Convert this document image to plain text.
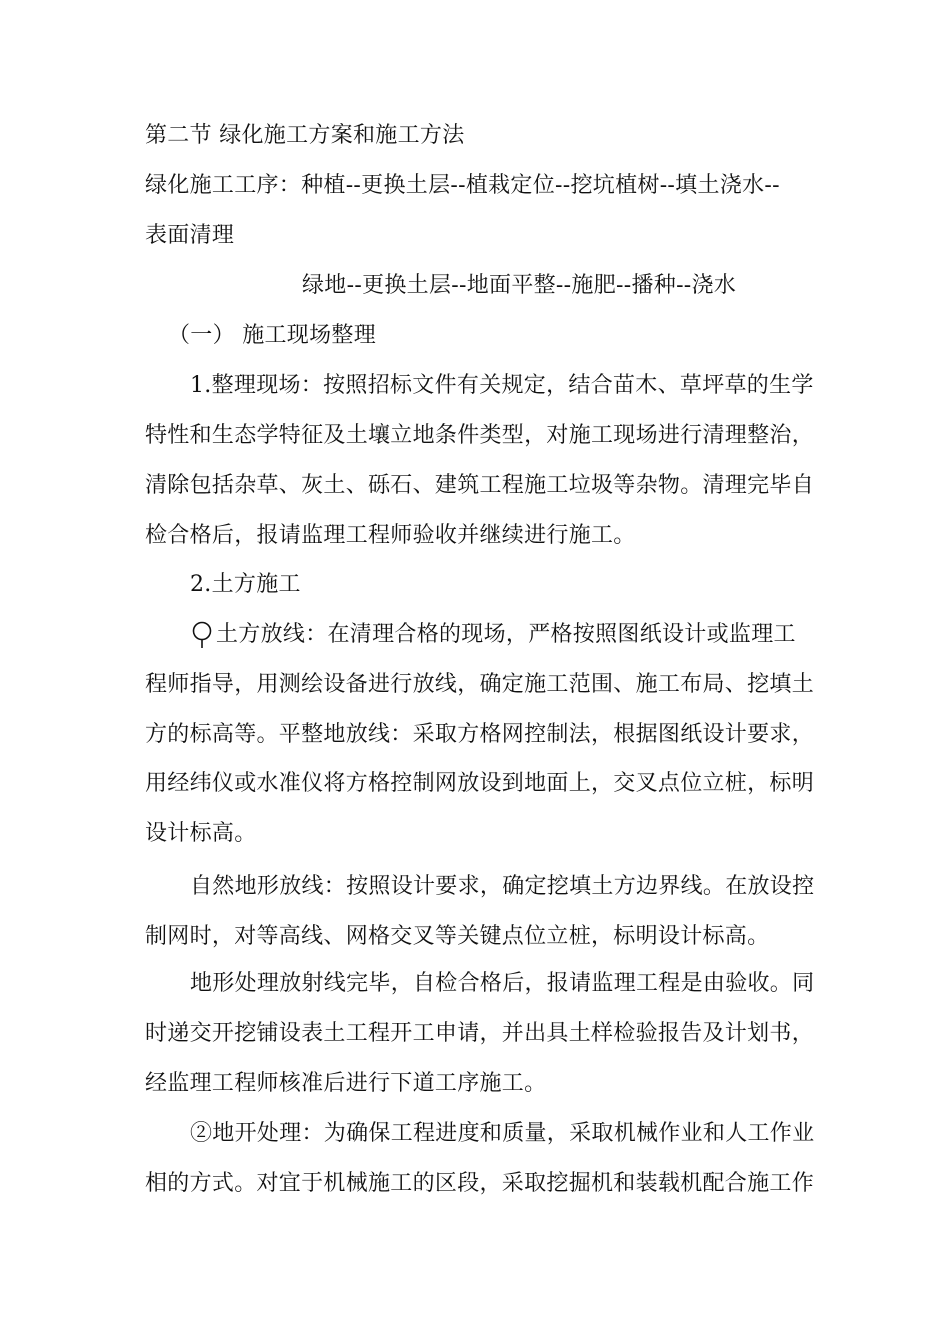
第二节 绿化施工方案和施工方法
绿化施工工序：种植--更换土层--植栽定位--挖坑植树--填土浇水--
表面清理
绿地--更换土层--地面平整--施肥--播种--浇水
（一） 施工现场整理
1.整理现场：按照招标文件有关规定，结合苗木、草坪草的生学
特性和生态学特征及土壤立地条件类型，对施工现场进行清理整治，
清除包括杂草、灰土、砾石、建筑工程施工垃圾等杂物。清理完毕自
检合格后，报请监理工程师验收并继续进行施工。
2.土方施工
土方放线：在清理合格的现场，严格按照图纸设计或监理工
程师指导，用测绘设备进行放线，确定施工范围、施工布局、挖填土
方的标高等。平整地放线：采取方格网控制法，根据图纸设计要求，
用经纬仪或水准仪将方格控制网放设到地面上，交叉点位立桩，标明
设计标高。
自然地形放线：按照设计要求，确定挖填土方边界线。在放设控
制网时，对等高线、网格交叉等关键点位立桩，标明设计标高。
地形处理放射线完毕，自检合格后，报请监理工程是由验收。同
时递交开挖铺设表土工程开工申请，并出具土样检验报告及计划书，
经监理工程师核准后进行下道工序施工。
②地开处理：为确保工程进度和质量，采取机械作业和人工作业
相的方式。对宜于机械施工的区段，采取挖掘机和装载机配合施工作
